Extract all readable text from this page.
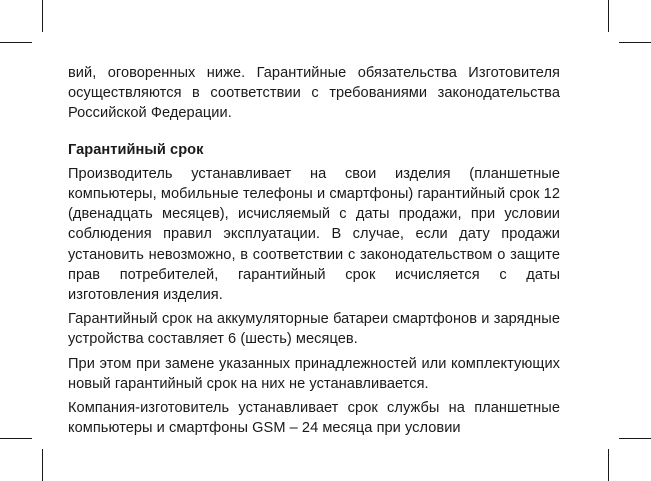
вий, оговоренных ниже. Гарантийные обязательства Изготовителя осуществляются в соответствии с требованиями законодательства Российской Федерации.

Гарантийный срок

Производитель устанавливает на свои изделия (планшетные компьютеры, мобильные телефоны и смартфоны) гарантийный срок 12 (двенадцать месяцев), исчисляемый с даты продажи, при условии соблюдения правил эксплуатации. В случае, если дату продажи установить невозможно, в соответствии с законодательством о защите прав потребителей, гарантийный срок исчисляется с даты изготовления изделия.

Гарантийный срок на аккумуляторные батареи смартфонов и зарядные устройства составляет 6 (шесть) месяцев.

При этом при замене указанных принадлежностей или комплектующих новый гарантийный срок на них не устанавливается.

Компания-изготовитель устанавливает срок службы на планшетные компьютеры и смартфоны GSM – 24 месяца при условии
